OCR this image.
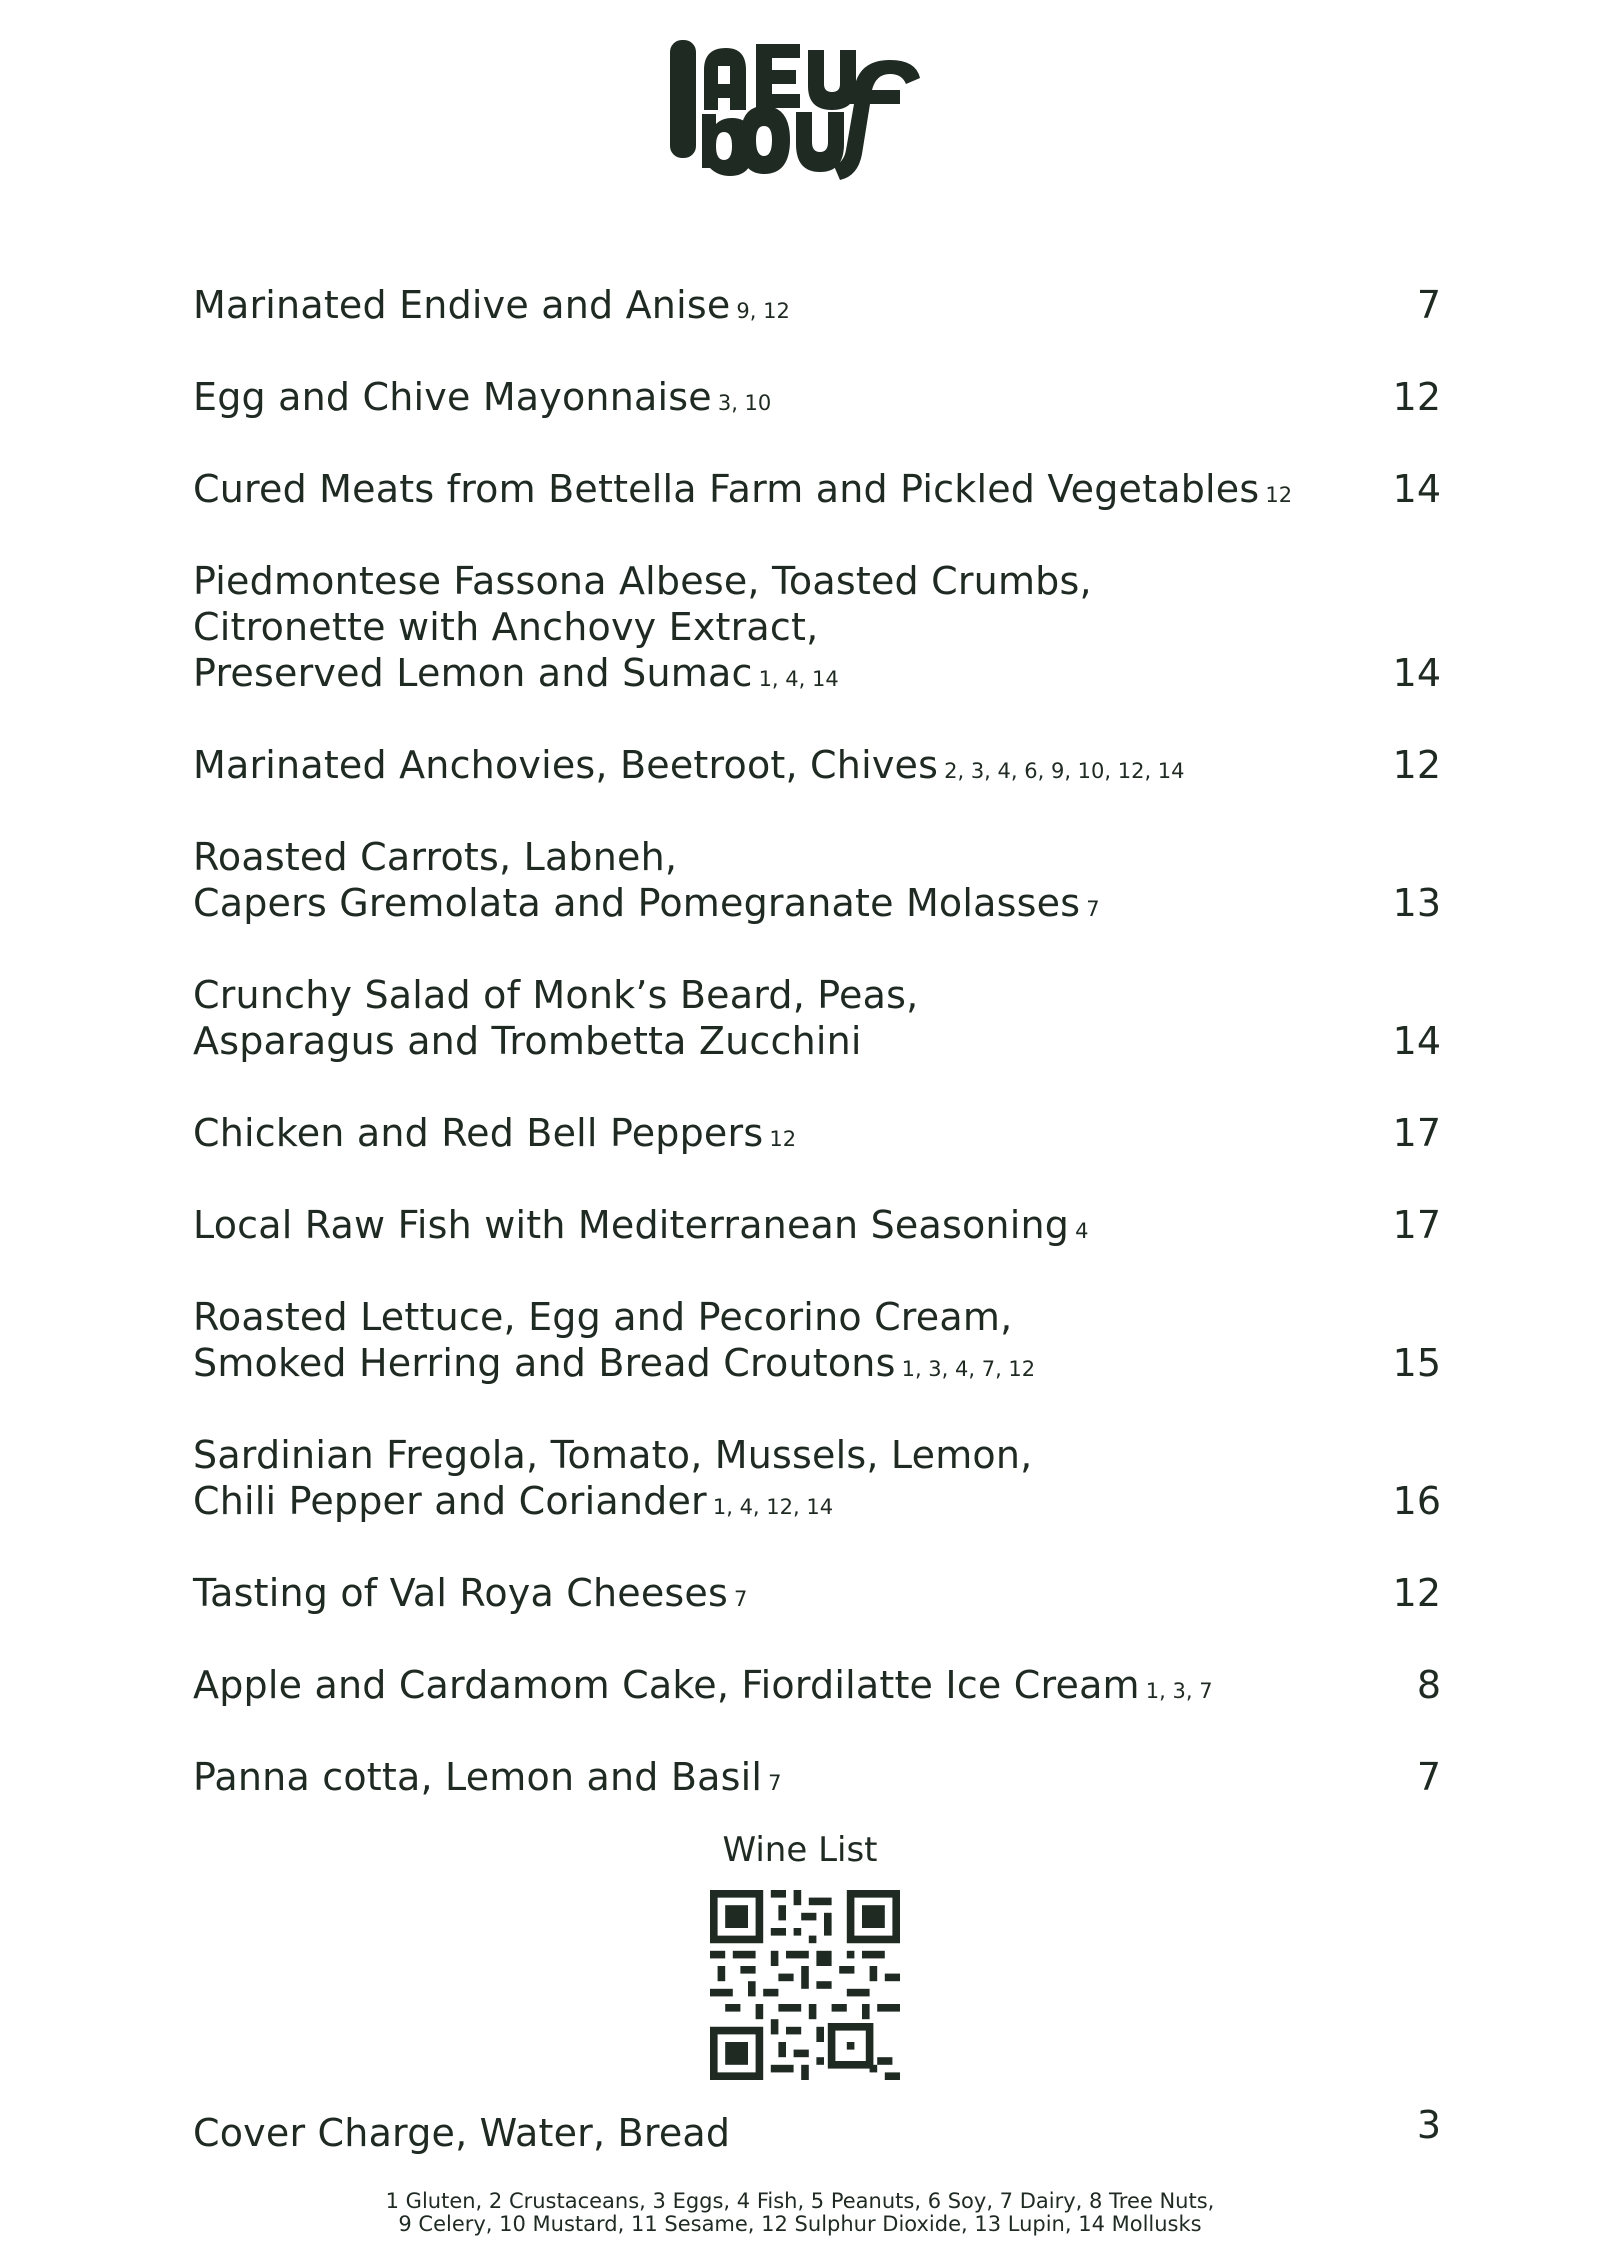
Marinated Endive and Anise 9, 12	7
Egg and Chive Mayonnaise 3, 10	12
Cured Meats from Bettella Farm and Pickled Vegetables 12	14
Piedmontese Fassona Albese, Toasted Crumbs,
Citronette with Anchovy Extract,
Preserved Lemon and Sumac 1, 4, 14	14
Marinated Anchovies, Beetroot, Chives 2, 3, 4, 6, 9, 10, 12, 14	12
Roasted Carrots, Labneh,
Capers Gremolata and Pomegranate Molasses 7	13
Crunchy Salad of Monk’s Beard, Peas,
Asparagus and Trombetta Zucchini	14
Chicken and Red Bell Peppers 12	17
Local Raw Fish with Mediterranean Seasoning 4	17
Roasted Lettuce, Egg and Pecorino Cream,
Smoked Herring and Bread Croutons 1, 3, 4, 7, 12	15
Sardinian Fregola, Tomato, Mussels, Lemon,
Chili Pepper and Coriander 1, 4, 12, 14	16
Tasting of Val Roya Cheeses 7	12
Apple and Cardamom Cake, Fiordilatte Ice Cream 1, 3, 7	8
Panna cotta, Lemon and Basil 7	7
Wine List
Cover Charge, Water, Bread	3
1 Gluten, 2 Crustaceans, 3 Eggs, 4 Fish, 5 Peanuts, 6 Soy, 7 Dairy, 8 Tree Nuts,
9 Celery, 10 Mustard, 11 Sesame, 12 Sulphur Dioxide, 13 Lupin, 14 Mollusks
